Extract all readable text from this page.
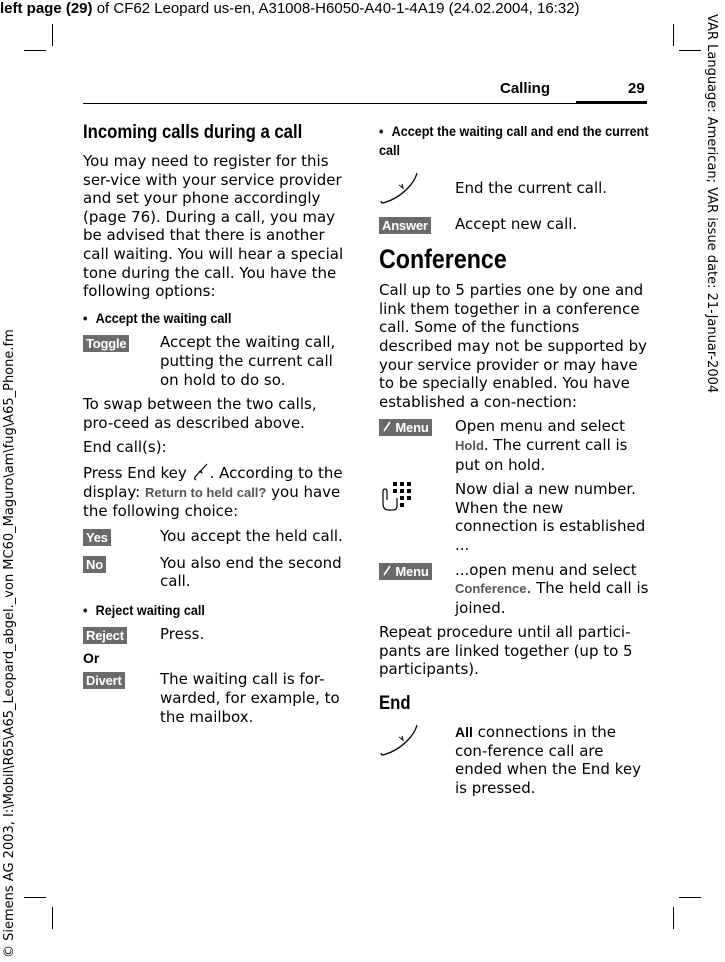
left page (29) of CF62 Leopard us-en, A31008-H6050-A40-1-4A19 (24.02.2004, 16:32)
VAR Language: American; VAR issue date: 21-Januar-2004
© Siemens AG 2003, I:\Mobil\R65\A65_Leopard_abgel._von MC60_Maguro\am\fug\A65_Phone.fm
Calling	29
Incoming calls during a call

You may need to register for this ser-vice with your service provider and set your phone accordingly (page 76). During a call, you may be advised that there is another call waiting. You will hear a special tone during the call. You have the following options:

• Accept the waiting call
Toggle	Accept the waiting call, putting the current call on hold to do so.

To swap between the two calls, pro-ceed as described above.

End call(s):

Press End key . According to the display: Return to held call? you have the following choice:

Yes	You accept the held call.
No	You also end the second call.
• Reject waiting call
Reject	Press.
Or
Divert	The waiting call is for-warded, for example, to the mailbox.
• Accept the waiting call and end the current call
End the current call.
Answer	Accept new call.
Conference

Call up to 5 parties one by one and link them together in a conference call. Some of the functions described may not be supported by your service provider or may have to be specially enabled. You have established a con-nection:

Menu	Open menu and select Hold. The current call is put on hold.
Now dial a new number. When the new connection is established ...
Menu	...open menu and select Conference. The held call is joined.

Repeat procedure until all partici-pants are linked together (up to 5 participants).

End
All connections in the con-ference call are ended when the End key is pressed.
